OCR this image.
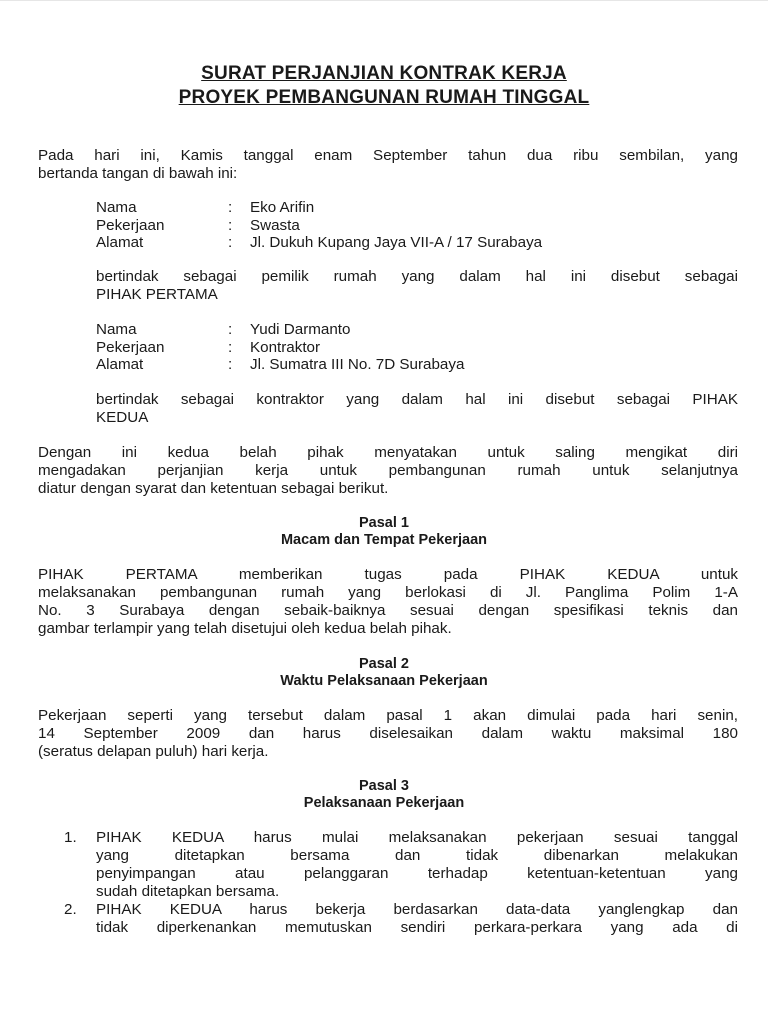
SURAT PERJANJIAN KONTRAK KERJA
PROYEK PEMBANGUNAN RUMAH TINGGAL
Pada hari ini, Kamis tanggal enam September tahun dua ribu sembilan, yang
bertanda tangan di bawah ini:
Nama	:	Eko Arifin
Pekerjaan	:	Swasta
Alamat	:	Jl. Dukuh Kupang Jaya VII-A / 17 Surabaya
bertindak sebagai pemilik rumah yang dalam hal ini disebut sebagai
PIHAK PERTAMA
Nama	:	Yudi Darmanto
Pekerjaan	:	Kontraktor
Alamat	:	Jl. Sumatra III No. 7D Surabaya
bertindak sebagai kontraktor yang dalam hal ini disebut sebagai PIHAK
KEDUA
Dengan ini kedua belah pihak menyatakan untuk saling mengikat diri
mengadakan perjanjian kerja untuk pembangunan rumah untuk selanjutnya
diatur dengan syarat dan ketentuan sebagai berikut.
Pasal 1
Macam dan Tempat Pekerjaan
PIHAK PERTAMA memberikan tugas pada PIHAK KEDUA untuk
melaksanakan pembangunan rumah yang berlokasi di Jl. Panglima Polim 1-A
No. 3 Surabaya dengan sebaik-baiknya sesuai dengan spesifikasi teknis dan
gambar terlampir yang telah disetujui oleh kedua belah pihak.
Pasal 2
Waktu Pelaksanaan Pekerjaan
Pekerjaan seperti yang tersebut dalam pasal 1 akan dimulai pada hari senin,
14 September 2009 dan harus diselesaikan dalam waktu maksimal 180
(seratus delapan puluh) hari kerja.
Pasal 3
Pelaksanaan Pekerjaan
1.	PIHAK KEDUA harus mulai melaksanakan pekerjaan sesuai tanggal
yang ditetapkan bersama dan tidak dibenarkan melakukan
penyimpangan atau pelanggaran terhadap ketentuan-ketentuan yang
sudah ditetapkan bersama.
2.	PIHAK KEDUA harus bekerja berdasarkan data-data yanglengkap dan
tidak diperkenankan memutuskan sendiri perkara-perkara yang ada di
